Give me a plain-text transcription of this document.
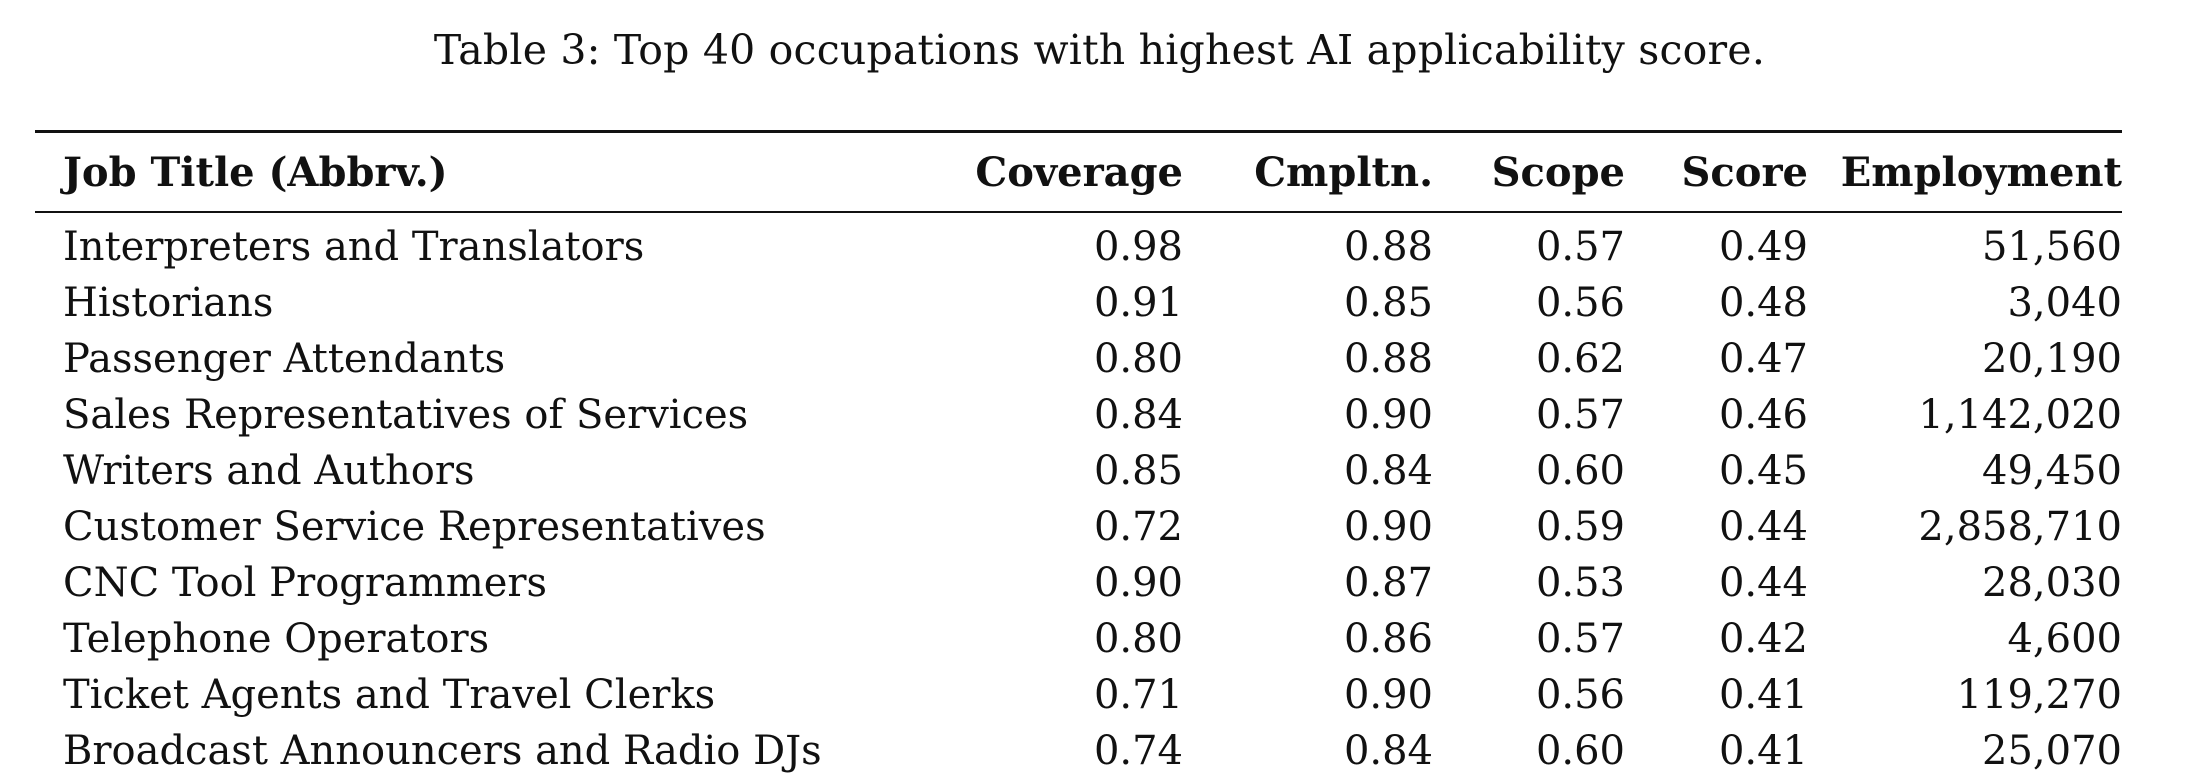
Table 3: Top 40 occupations with highest AI applicability score.
Job Title (Abbrv.)	Coverage	Cmpltn.	Scope	Score	Employment
Interpreters and Translators	0.98	0.88	0.57	0.49	51,560
Historians	0.91	0.85	0.56	0.48	3,040
Passenger Attendants	0.80	0.88	0.62	0.47	20,190
Sales Representatives of Services	0.84	0.90	0.57	0.46	1,142,020
Writers and Authors	0.85	0.84	0.60	0.45	49,450
Customer Service Representatives	0.72	0.90	0.59	0.44	2,858,710
CNC Tool Programmers	0.90	0.87	0.53	0.44	28,030
Telephone Operators	0.80	0.86	0.57	0.42	4,600
Ticket Agents and Travel Clerks	0.71	0.90	0.56	0.41	119,270
Broadcast Announcers and Radio DJs	0.74	0.84	0.60	0.41	25,070
